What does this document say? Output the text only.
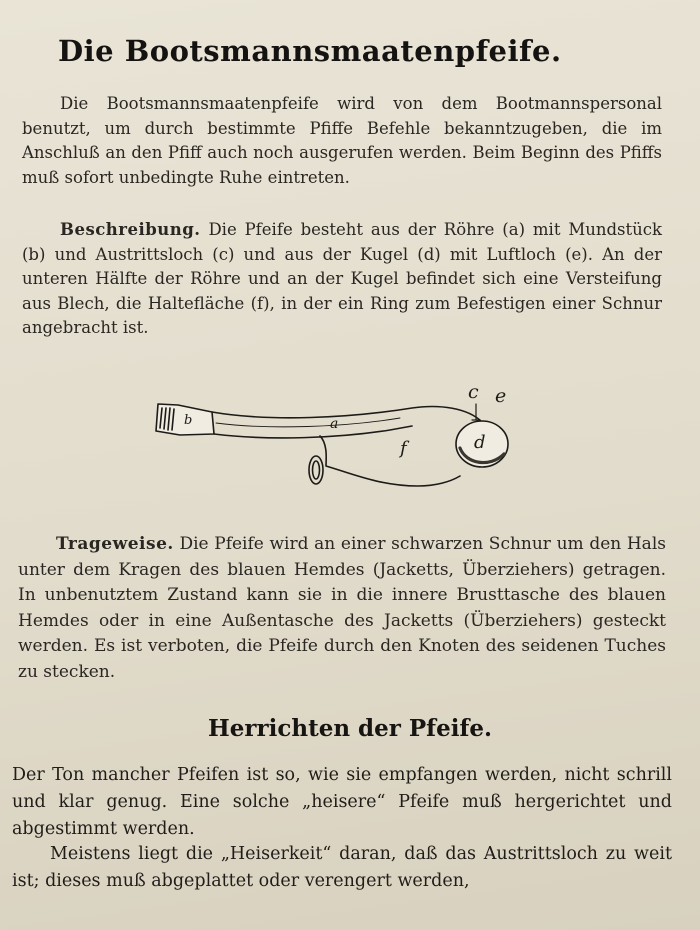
Die Bootsmannsmaatenpfeife.

Die Bootsmannsmaatenpfeife wird von dem Bootmannspersonal benutzt, um durch bestimmte Pfiffe Befehle bekanntzugeben, die im Anschluß an den Pfiff auch noch ausgerufen werden. Beim Beginn des Pfiffs muß sofort unbedingte Ruhe eintreten.

Beschreibung. Die Pfeife besteht aus der Röhre (a) mit Mundstück (b) und Austrittsloch (c) und aus der Kugel (d) mit Luftloch (e). An der unteren Hälfte der Röhre und an der Kugel befindet sich eine Versteifung aus Blech, die Haltefläche (f), in der ein Ring zum Befestigen einer Schnur angebracht ist.

b	a
f	d
c e

Trageweise. Die Pfeife wird an einer schwarzen Schnur um den Hals unter dem Kragen des blauen Hemdes (Jacketts, Überziehers) getragen. In unbenutztem Zustand kann sie in die innere Brusttasche des blauen Hemdes oder in eine Außentasche des Jacketts (Überziehers) gesteckt werden. Es ist verboten, die Pfeife durch den Knoten des seidenen Tuches zu stecken.

Herrichten der Pfeife.

Der Ton mancher Pfeifen ist so, wie sie empfangen werden, nicht schrill und klar genug. Eine solche „heisere“ Pfeife muß hergerichtet und abgestimmt werden.

Meistens liegt die „Heiserkeit“ daran, daß das Austrittsloch zu weit ist; dieses muß abgeplattet oder verengert werden,
